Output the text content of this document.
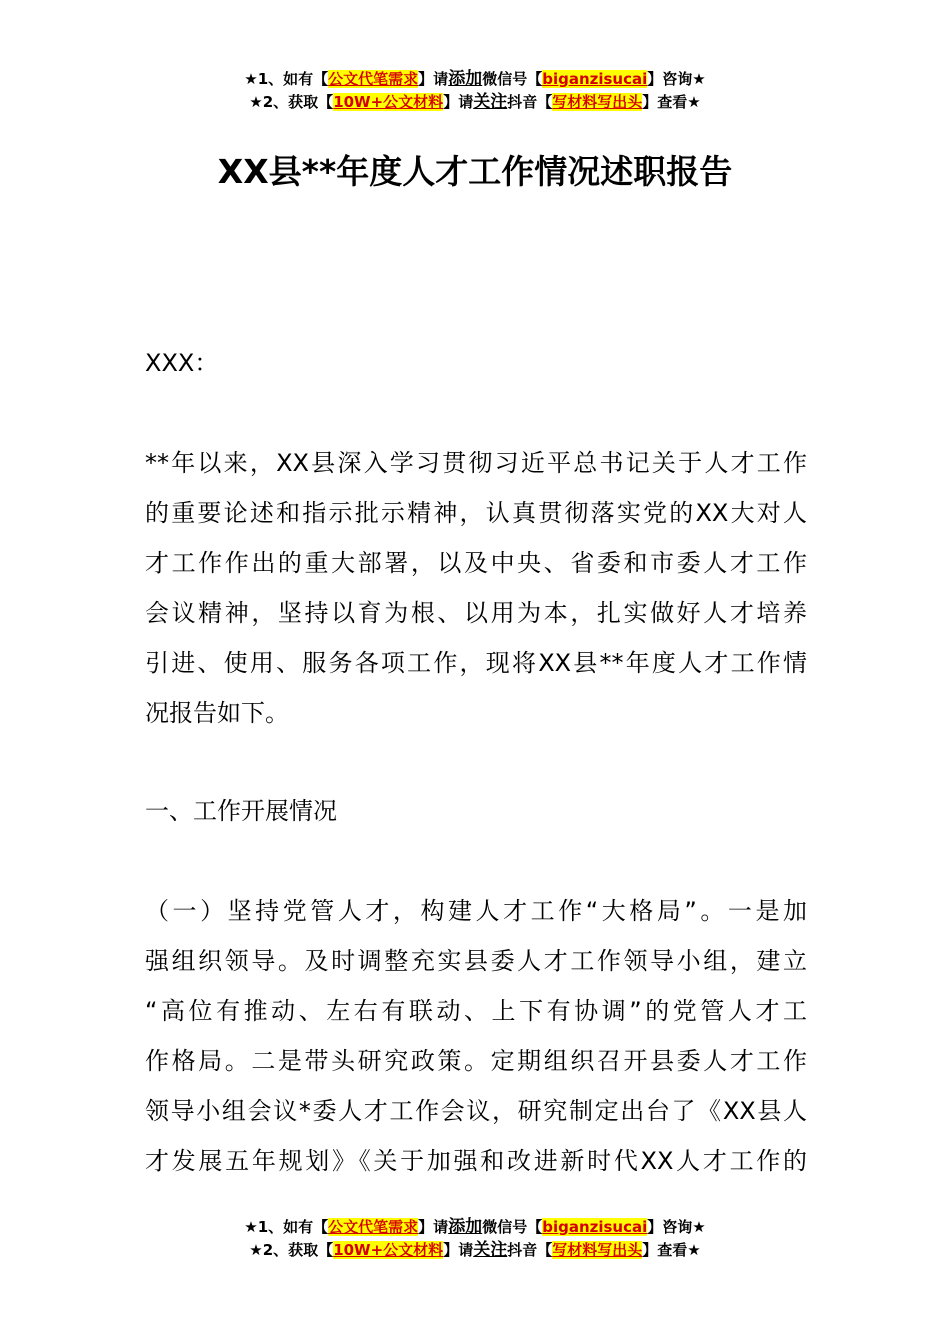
★1、如有【公文代笔需求】请添加微信号【biganzisucai】咨询★
★2、获取【10W+公文材料】请关注抖音【写材料写出头】查看★
XX县**年度人才工作情况述职报告
XXX：
**年以来，XX县深入学习贯彻习近平总书记关于人才工作
的重要论述和指示批示精神，认真贯彻落实党的XX大对人
才工作作出的重大部署，以及中央、省委和市委人才工作
会议精神，坚持以育为根、以用为本，扎实做好人才培养
引进、使用、服务各项工作，现将XX县**年度人才工作情
况报告如下。
一、工作开展情况
（一）坚持党管人才，构建人才工作“大格局”。一是加
强组织领导。及时调整充实县委人才工作领导小组，建立
“高位有推动、左右有联动、上下有协调”的党管人才工
作格局。二是带头研究政策。定期组织召开县委人才工作
领导小组会议*委人才工作会议，研究制定出台了《XX县人
才发展五年规划》《关于加强和改进新时代XX人才工作的
★1、如有【公文代笔需求】请添加微信号【biganzisucai】咨询★
★2、获取【10W+公文材料】请关注抖音【写材料写出头】查看★
